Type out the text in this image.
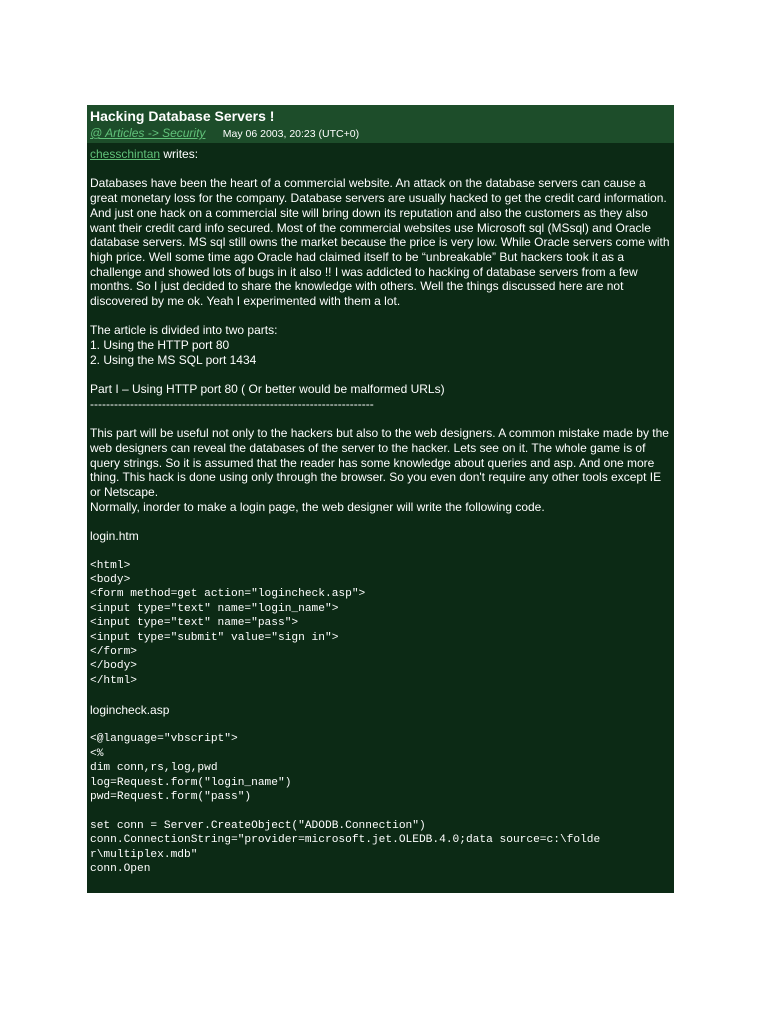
Hacking Database Servers !
@ Articles -> Security May 06 2003, 20:23 (UTC+0)
chesschintan writes:

Databases have been the heart of a commercial website. An attack on the database servers can cause a great monetary loss for the company. Database servers are usually hacked to get the credit card information. And just one hack on a commercial site will bring down its reputation and also the customers as they also want their credit card info secured. Most of the commercial websites use Microsoft sql (MSsql) and Oracle database servers. MS sql still owns the market because the price is very low. While Oracle servers come with high price. Well some time ago Oracle had claimed itself to be “unbreakable” But hackers took it as a challenge and showed lots of bugs in it also !! I was addicted to hacking of database servers from a few months. So I just decided to share the knowledge with others. Well the things discussed here are not discovered by me ok. Yeah I experimented with them a lot.

The article is divided into two parts:
1. Using the HTTP port 80
2. Using the MS SQL port 1434
Part I – Using HTTP port 80 ( Or better would be malformed URLs)
-----------------------------------------------------------------------

This part will be useful not only to the hackers but also to the web designers. A common mistake made by the web designers can reveal the databases of the server to the hacker. Lets see on it. The whole game is of query strings. So it is assumed that the reader has some knowledge about queries and asp. And one more thing. This hack is done using only through the browser. So you even don't require any other tools except IE or Netscape.

Normally, inorder to make a login page, the web designer will write the following code.

login.htm
<html>
<body>
<form method=get action="logincheck.asp">
<input type="text" name="login_name">
<input type="text" name="pass">
<input type="submit" value="sign in">
</form>
</body>
</html>
logincheck.asp
<@language="vbscript">
<%
dim conn,rs,log,pwd
log=Request.form("login_name")
pwd=Request.form("pass")

set conn = Server.CreateObject("ADODB.Connection")
conn.ConnectionString="provider=microsoft.jet.OLEDB.4.0;data source=c:\folde
r\multiplex.mdb"
conn.Open
